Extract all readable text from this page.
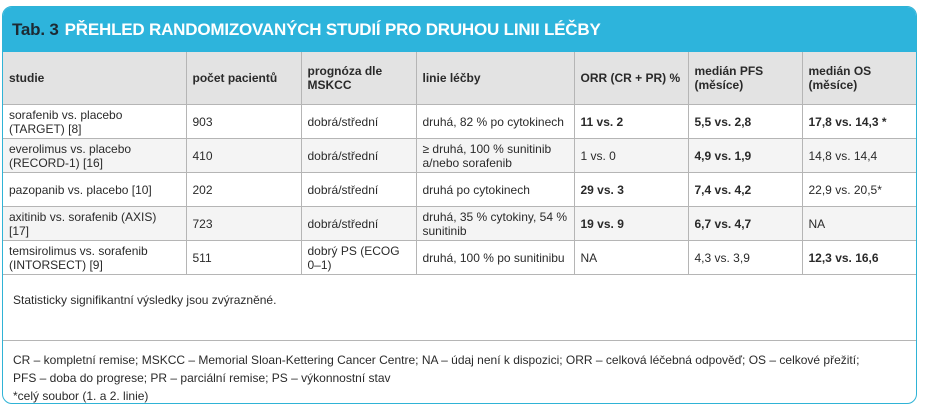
Tab. 3 PŘEHLED RANDOMIZOVANÝCH STUDIÍ PRO DRUHOU LINII LÉČBY
studie	počet pacientů	prognóza dle MSKCC	linie léčby	ORR (CR + PR) %	medián PFS (měsíce)	medián OS (měsíce)
sorafenib vs. placebo (TARGET) [8]	903	dobrá/střední	druhá, 82 % po cytokinech	11 vs. 2	5,5 vs. 2,8	17,8 vs. 14,3 *
everolimus vs. placebo (RECORD-1) [16]	410	dobrá/střední	≥ druhá, 100 % sunitinib a/nebo sorafenib	1 vs. 0	4,9 vs. 1,9	14,8 vs. 14,4
pazopanib vs. placebo [10]	202	dobrá/střední	druhá po cytokinech	29 vs. 3	7,4 vs. 4,2	22,9 vs. 20,5*
axitinib vs. sorafenib (AXIS) [17]	723	dobrá/střední	druhá, 35 % cytokiny, 54 % sunitinib	19 vs. 9	6,7 vs. 4,7	NA
temsirolimus vs. sorafenib (INTORSECT) [9]	511	dobrý PS (ECOG 0–1)	druhá, 100 % po sunitinibu	NA	4,3 vs. 3,9	12,3 vs. 16,6
Statisticky signifikantní výsledky jsou zvýrazněné.
CR – kompletní remise; MSKCC – Memorial Sloan-Kettering Cancer Centre; NA – údaj není k dispozici; ORR – celková léčebná odpověď; OS – celkové přežití;
PFS – doba do progrese; PR – parciální remise; PS – výkonnostní stav
*celý soubor (1. a 2. linie)
